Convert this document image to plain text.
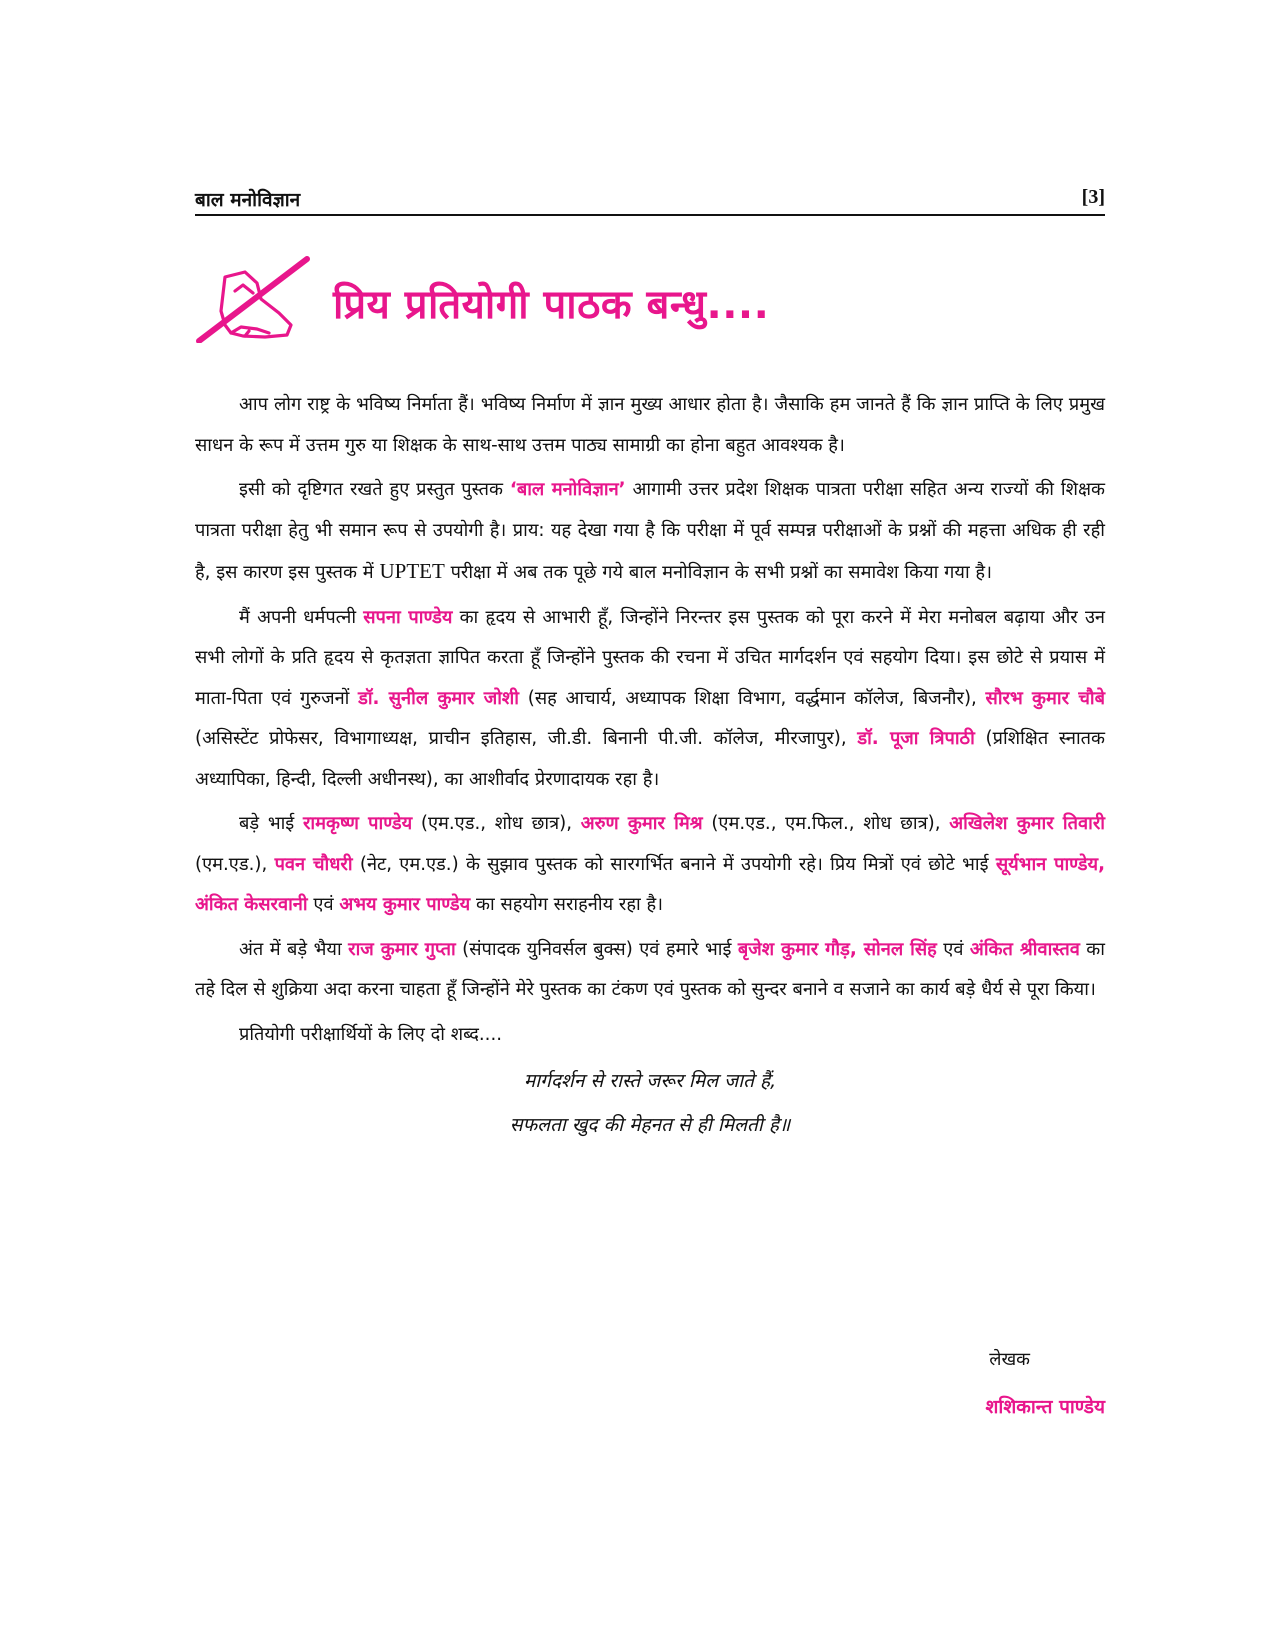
बाल मनोविज्ञान	[3]
प्रिय प्रतियोगी पाठक बन्धु....

आप लोग राष्ट्र के भविष्य निर्माता हैं। भविष्य निर्माण में ज्ञान मुख्य आधार होता है। जैसाकि हम जानते हैं कि ज्ञान प्राप्ति के लिए प्रमुख साधन के रूप में उत्तम गुरु या शिक्षक के साथ-साथ उत्तम पाठ्य सामाग्री का होना बहुत आवश्यक है।

इसी को दृष्टिगत रखते हुए प्रस्तुत पुस्तक ‘बाल मनोविज्ञान’ आगामी उत्तर प्रदेश शिक्षक पात्रता परीक्षा सहित अन्य राज्यों की शिक्षक पात्रता परीक्षा हेतु भी समान रूप से उपयोगी है। प्राय: यह देखा गया है कि परीक्षा में पूर्व सम्पन्न परीक्षाओं के प्रश्नों की महत्ता अधिक ही रही है, इस कारण इस पुस्तक में UPTET परीक्षा में अब तक पूछे गये बाल मनोविज्ञान के सभी प्रश्नों का समावेश किया गया है।

मैं अपनी धर्मपत्नी सपना पाण्डेय का हृदय से आभारी हूँ, जिन्होंने निरन्तर इस पुस्तक को पूरा करने में मेरा मनोबल बढ़ाया और उन सभी लोगों के प्रति हृदय से कृतज्ञता ज्ञापित करता हूँ जिन्होंने पुस्तक की रचना में उचित मार्गदर्शन एवं सहयोग दिया। इस छोटे से प्रयास में माता-पिता एवं गुरुजनों डॉ. सुनील कुमार जोशी (सह आचार्य, अध्यापक शिक्षा विभाग, वर्द्धमान कॉलेज, बिजनौर), सौरभ कुमार चौबे (असिस्टेंट प्रोफेसर, विभागाध्यक्ष, प्राचीन इतिहास, जी.डी. बिनानी पी.जी. कॉलेज, मीरजापुर), डॉ. पूजा त्रिपाठी (प्रशिक्षित स्नातक अध्यापिका, हिन्दी, दिल्ली अधीनस्थ), का आशीर्वाद प्रेरणादायक रहा है।

बड़े भाई रामकृष्ण पाण्डेय (एम.एड., शोध छात्र), अरुण कुमार मिश्र (एम.एड., एम.फिल., शोध छात्र), अखिलेश कुमार तिवारी (एम.एड.), पवन चौधरी (नेट, एम.एड.) के सुझाव पुस्तक को सारगर्भित बनाने में उपयोगी रहे। प्रिय मित्रों एवं छोटे भाई सूर्यभान पाण्डेय, अंकित केसरवानी एवं अभय कुमार पाण्डेय का सहयोग सराहनीय रहा है।

अंत में बड़े भैया राज कुमार गुप्ता (संपादक युनिवर्सल बुक्स) एवं हमारे भाई बृजेश कुमार गौड़, सोनल सिंह एवं अंकित श्रीवास्तव का तहे दिल से शुक्रिया अदा करना चाहता हूँ जिन्होंने मेरे पुस्तक का टंकण एवं पुस्तक को सुन्दर बनाने व सजाने का कार्य बड़े धैर्य से पूरा किया।

प्रतियोगी परीक्षार्थियों के लिए दो शब्द....

मार्गदर्शन से रास्ते जरूर मिल जाते हैं,
सफलता खुद की मेहनत से ही मिलती है॥
लेखक
शशिकान्त पाण्डेय
